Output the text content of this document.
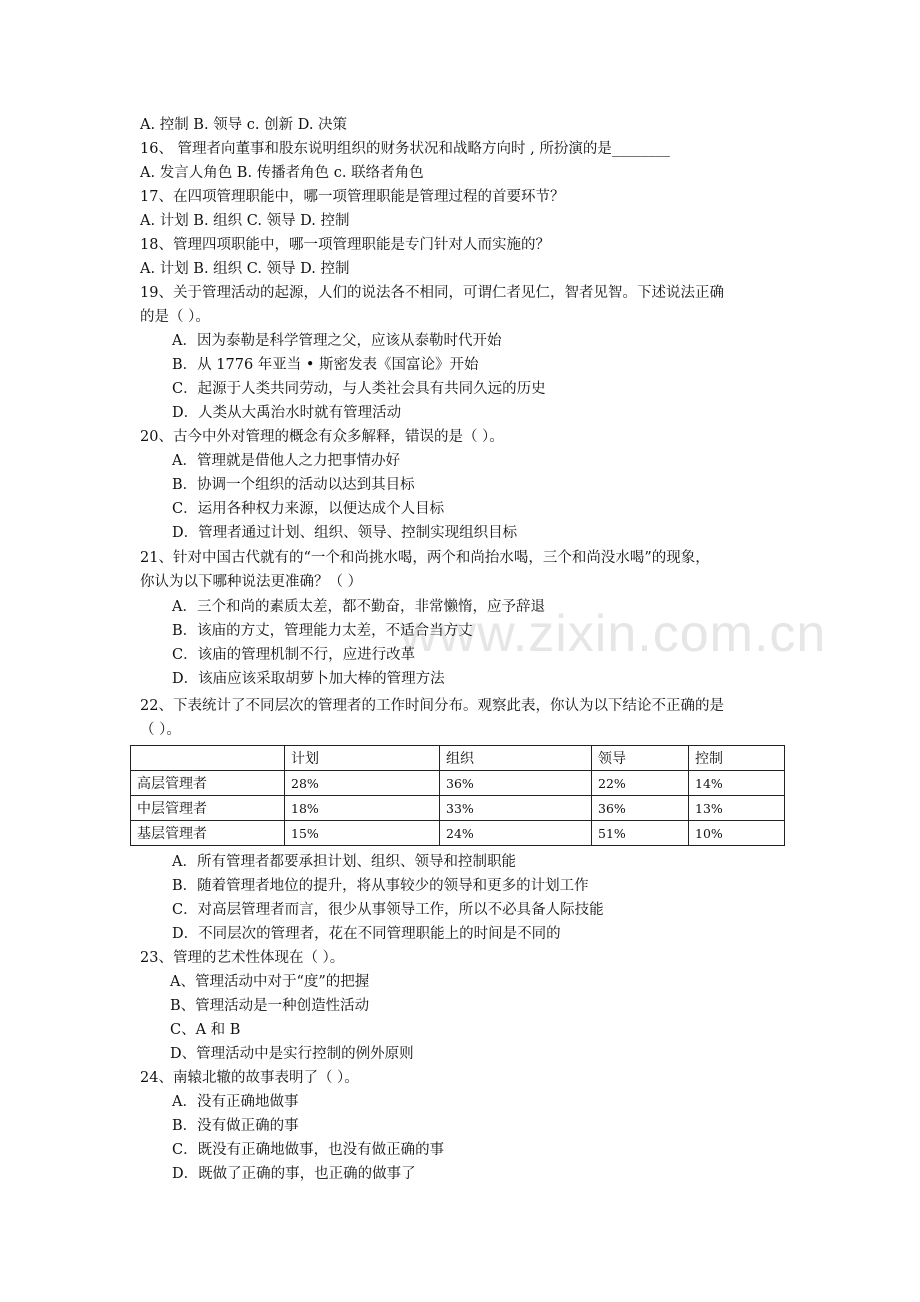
www.zixin.com.cn
A. 控制 B. 领导 c. 创新 D. 决策
16、 管理者向董事和股东说明组织的财务状况和战略方向时 , 所扮演的是________
A. 发言人角色 B. 传播者角色 c. 联络者角色
17、在四项管理职能中，哪一项管理职能是管理过程的首要环节？
A. 计划 B. 组织 C. 领导 D. 控制
18、管理四项职能中，哪一项管理职能是专门针对人而实施的？
A. 计划 B. 组织 C. 领导 D. 控制
19、关于管理活动的起源，人们的说法各不相同，可谓仁者见仁，智者见智。下述说法正确
的是（ ）。
A．因为泰勒是科学管理之父，应该从泰勒时代开始
B．从 1776 年亚当 • 斯密发表《国富论》开始
C．起源于人类共同劳动，与人类社会具有共同久远的历史
D．人类从大禹治水时就有管理活动
20、古今中外对管理的概念有众多解释，错误的是（ ）。
A．管理就是借他人之力把事情办好
B．协调一个组织的活动以达到其目标
C．运用各种权力来源，以便达成个人目标
D．管理者通过计划、组织、领导、控制实现组织目标
21、针对中国古代就有的“一个和尚挑水喝，两个和尚抬水喝，三个和尚没水喝”的现象，
你认为以下哪种说法更准确？（ ）
A．三个和尚的素质太差，都不勤奋，非常懒惰，应予辞退
B．该庙的方丈，管理能力太差，不适合当方丈
C．该庙的管理机制不行，应进行改革
D．该庙应该采取胡萝卜加大棒的管理方法
22、下表统计了不同层次的管理者的工作时间分布。观察此表，你认为以下结论不正确的是
（ ）。
	计划	组织	领导	控制
高层管理者	28%	36%	22%	14%
中层管理者	18%	33%	36%	13%
基层管理者	15%	24%	51%	10%
A．所有管理者都要承担计划、组织、领导和控制职能
B．随着管理者地位的提升，将从事较少的领导和更多的计划工作
C．对高层管理者而言，很少从事领导工作，所以不必具备人际技能
D．不同层次的管理者，花在不同管理职能上的时间是不同的
23、管理的艺术性体现在（ ）。
A、管理活动中对于“度”的把握
B、管理活动是一种创造性活动
C、A 和 B
D、管理活动中是实行控制的例外原则
24、南辕北辙的故事表明了（ ）。
A．没有正确地做事
B．没有做正确的事
C．既没有正确地做事，也没有做正确的事
D．既做了正确的事，也正确的做事了
